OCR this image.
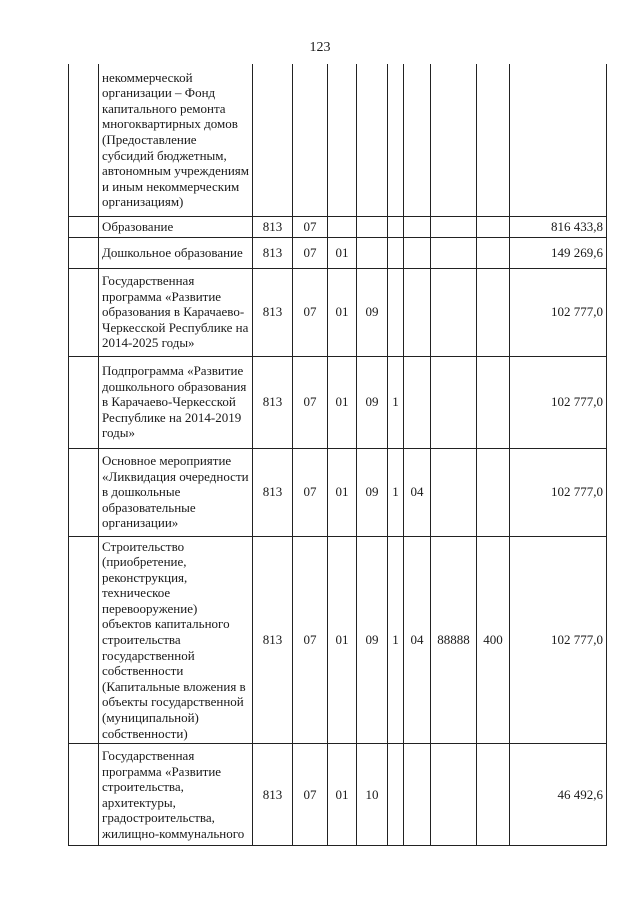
123
	некоммерческой организации – Фонд капитального ремонта многоквартирных домов (Предоставление субсидий бюджетным, автономным учреждениям и иным некоммерческим организациям)									
	Образование	813	07							816 433,8
	Дошкольное образование	813	07	01						149 269,6
	Государственная программа «Развитие образования в Карачаево-Черкесской Республике на 2014-2025 годы»	813	07	01	09					102 777,0
	Подпрограмма «Развитие дошкольного образования в Карачаево-Черкесской Республике на 2014-2019 годы»	813	07	01	09	1				102 777,0
	Основное мероприятие «Ликвидация очередности в дошкольные образовательные организации»	813	07	01	09	1	04			102 777,0
	Строительство (приобретение, реконструкция, техническое перевооружение) объектов капитального строительства государственной собственности (Капитальные вложения в объекты государственной (муниципальной) собственности)	813	07	01	09	1	04	88888	400	102 777,0
	Государственная программа «Развитие строительства, архитектуры, градостроительства, жилищно-коммунального	813	07	01	10					46 492,6
